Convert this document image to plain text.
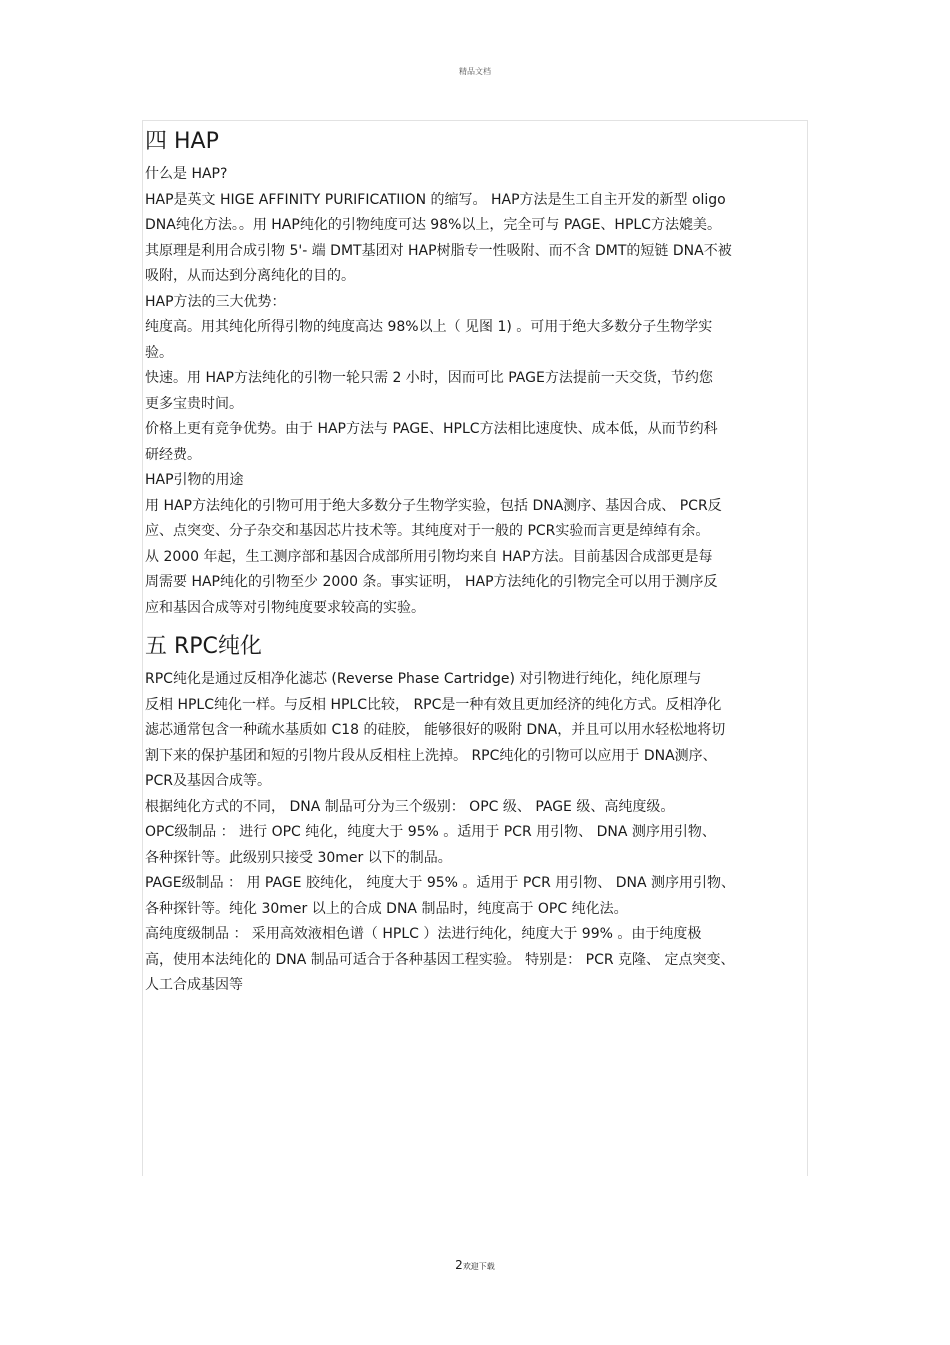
精品文档
四 HAP

什么是 HAP?

HAP是英文 HIGE AFFINITY PURIFICATIION 的缩写。 HAP方法是生工自主开发的新型 oligo

DNA纯化方法。。用 HAP纯化的引物纯度可达 98%以上，完全可与 PAGE、HPLC方法媲美。

其原理是利用合成引物 5'- 端 DMT基团对 HAP树脂专一性吸附、而不含 DMT的短链 DNA不被

吸附，从而达到分离纯化的目的。

HAP方法的三大优势：

纯度高。用其纯化所得引物的纯度高达 98%以上（ 见图 1) 。可用于绝大多数分子生物学实

验。

快速。用 HAP方法纯化的引物一轮只需 2 小时，因而可比 PAGE方法提前一天交货，节约您

更多宝贵时间。

价格上更有竞争优势。由于 HAP方法与 PAGE、HPLC方法相比速度快、成本低，从而节约科

研经费。

HAP引物的用途

用 HAP方法纯化的引物可用于绝大多数分子生物学实验，包括 DNA测序、基因合成、 PCR反

应、点突变、分子杂交和基因芯片技术等。其纯度对于一般的 PCR实验而言更是绰绰有余。

从 2000 年起，生工测序部和基因合成部所用引物均来自 HAP方法。目前基因合成部更是每

周需要 HAP纯化的引物至少 2000 条。事实证明， HAP方法纯化的引物完全可以用于测序反

应和基因合成等对引物纯度要求较高的实验。

五 RPC纯化

RPC纯化是通过反相净化滤芯 (Reverse Phase Cartridge) 对引物进行纯化，纯化原理与

反相 HPLC纯化一样。与反相 HPLC比较， RPC是一种有效且更加经济的纯化方式。反相净化

滤芯通常包含一种疏水基质如 C18 的硅胶， 能够很好的吸附 DNA，并且可以用水轻松地将切

割下来的保护基团和短的引物片段从反相柱上洗掉。 RPC纯化的引物可以应用于 DNA测序、

PCR及基因合成等。

根据纯化方式的不同， DNA 制品可分为三个级别： OPC 级、 PAGE 级、高纯度级。

OPC级制品 ： 进行 OPC 纯化，纯度大于 95% 。适用于 PCR 用引物、 DNA 测序用引物、

各种探针等。此级别只接受 30mer 以下的制品。

PAGE级制品 ： 用 PAGE 胶纯化， 纯度大于 95% 。适用于 PCR 用引物、 DNA 测序用引物、

各种探针等。纯化 30mer 以上的合成 DNA 制品时，纯度高于 OPC 纯化法。

高纯度级制品 ： 采用高效液相色谱（ HPLC ）法进行纯化，纯度大于 99% 。由于纯度极

高，使用本法纯化的 DNA 制品可适合于各种基因工程实验。 特别是： PCR 克隆、 定点突变、

人工合成基因等

2欢迎下载
